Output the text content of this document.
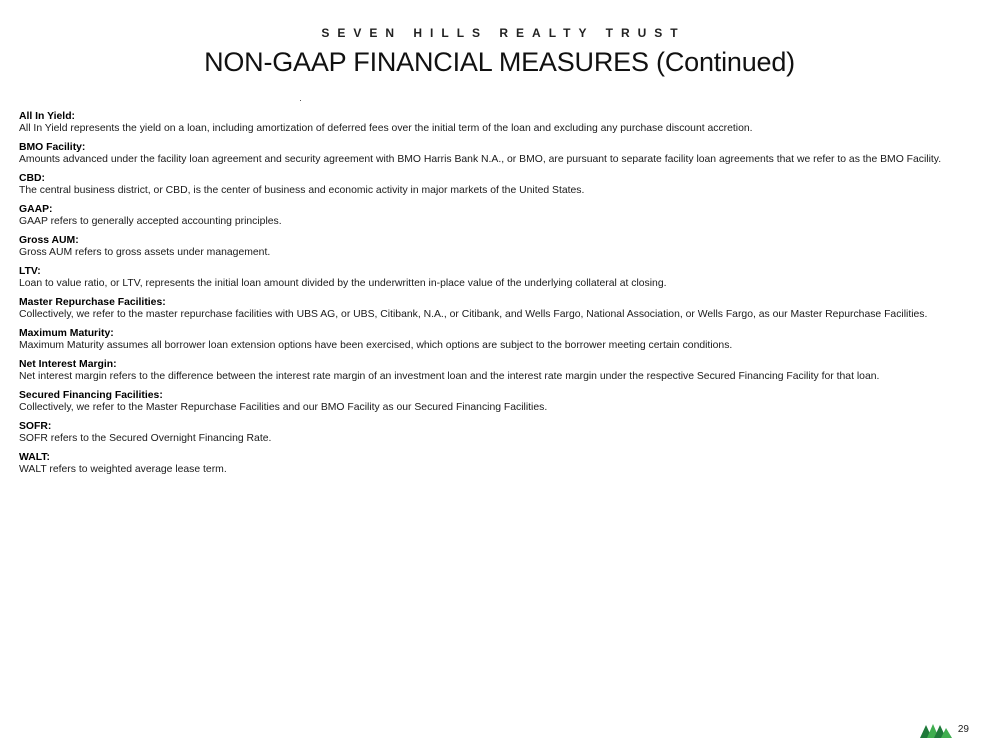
SEVEN HILLS REALTY TRUST
NON-GAAP FINANCIAL MEASURES (Continued)
All In Yield:
All In Yield represents the yield on a loan, including amortization of deferred fees over the initial term of the loan and excluding any purchase discount accretion.
BMO Facility:
Amounts advanced under the facility loan agreement and security agreement with BMO Harris Bank N.A., or BMO, are pursuant to separate facility loan agreements that we refer to as the BMO Facility.
CBD:
The central business district, or CBD, is the center of business and economic activity in major markets of the United States.
GAAP:
GAAP refers to generally accepted accounting principles.
Gross AUM:
Gross AUM refers to gross assets under management.
LTV:
Loan to value ratio, or LTV, represents the initial loan amount divided by the underwritten in-place value of the underlying collateral at closing.
Master Repurchase Facilities:
Collectively, we refer to the master repurchase facilities with UBS AG, or UBS, Citibank, N.A., or Citibank, and Wells Fargo, National Association, or Wells Fargo, as our Master Repurchase Facilities.
Maximum Maturity:
Maximum Maturity assumes all borrower loan extension options have been exercised, which options are subject to the borrower meeting certain conditions.
Net Interest Margin:
Net interest margin refers to the difference between the interest rate margin of an investment loan and the interest rate margin under the respective Secured Financing Facility for that loan.
Secured Financing Facilities:
Collectively, we refer to the Master Repurchase Facilities and our BMO Facility as our Secured Financing Facilities.
SOFR:
SOFR refers to the Secured Overnight Financing Rate.
WALT:
WALT refers to weighted average lease term.
29
